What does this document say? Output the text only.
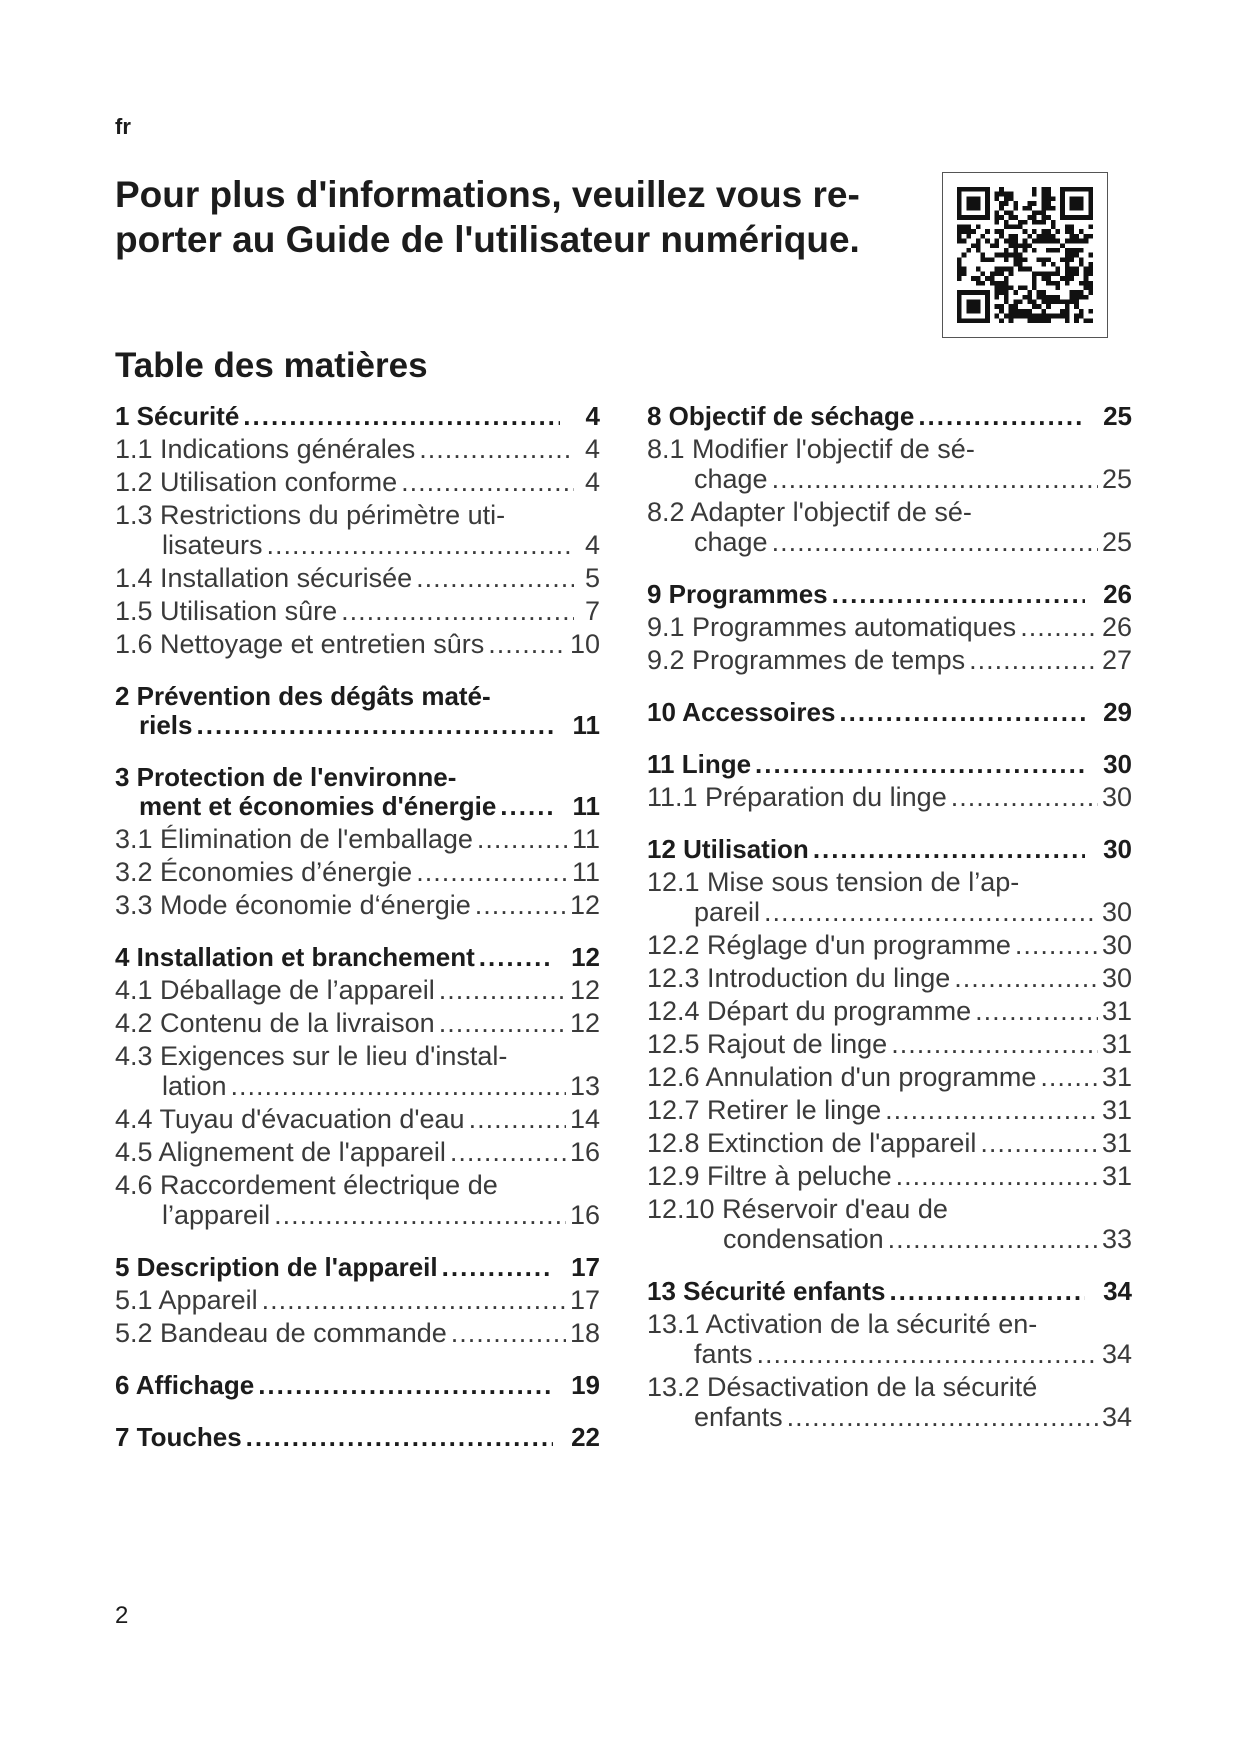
fr
Pour plus d'informations, veuillez vous re-
porter au Guide de l'utilisateur numérique.
Table des matières
1 Sécurité .....	4
1.1 Indications générales .....	4
1.2 Utilisation conforme .....	4
1.3 Restrictions du périmètre uti-
lisateurs .....	4
1.4 Installation sécurisée .....	5
1.5 Utilisation sûre .....	7
1.6 Nettoyage et entretien sûrs .....	10
2 Prévention des dégâts maté-
riels .....	11
3 Protection de l'environne-
ment et économies d'énergie .....	11
3.1 Élimination de l'emballage .....	11
3.2 Économies d’énergie .....	11
3.3 Mode économie d‘énergie .....	12
4 Installation et branchement .....	12
4.1 Déballage de l’appareil .....	12
4.2 Contenu de la livraison .....	12
4.3 Exigences sur le lieu d'instal-
lation .....	13
4.4 Tuyau d'évacuation d'eau .....	14
4.5 Alignement de l'appareil .....	16
4.6 Raccordement électrique de
l’appareil .....	16
5 Description de l'appareil .....	17
5.1 Appareil .....	17
5.2 Bandeau de commande .....	18
6 Affichage .....	19
7 Touches .....	22
8 Objectif de séchage .....	25
8.1 Modifier l'objectif de sé-
chage .....	25
8.2 Adapter l'objectif de sé-
chage .....	25
9 Programmes .....	26
9.1 Programmes automatiques .....	26
9.2 Programmes de temps .....	27
10 Accessoires .....	29
11 Linge .....	30
11.1 Préparation du linge .....	30
12 Utilisation .....	30
12.1 Mise sous tension de l’ap-
pareil .....	30
12.2 Réglage d'un programme .....	30
12.3 Introduction du linge .....	30
12.4 Départ du programme .....	31
12.5 Rajout de linge .....	31
12.6 Annulation d'un programme ..... 31
12.7 Retirer le linge .....	31
12.8 Extinction de l'appareil .....	31
12.9 Filtre à peluche .....	31
12.10 Réservoir d'eau de
condensation .....	33
13 Sécurité enfants .....	34
13.1 Activation de la sécurité en-
fants .....	34
13.2 Désactivation de la sécurité
enfants .....	34
2
